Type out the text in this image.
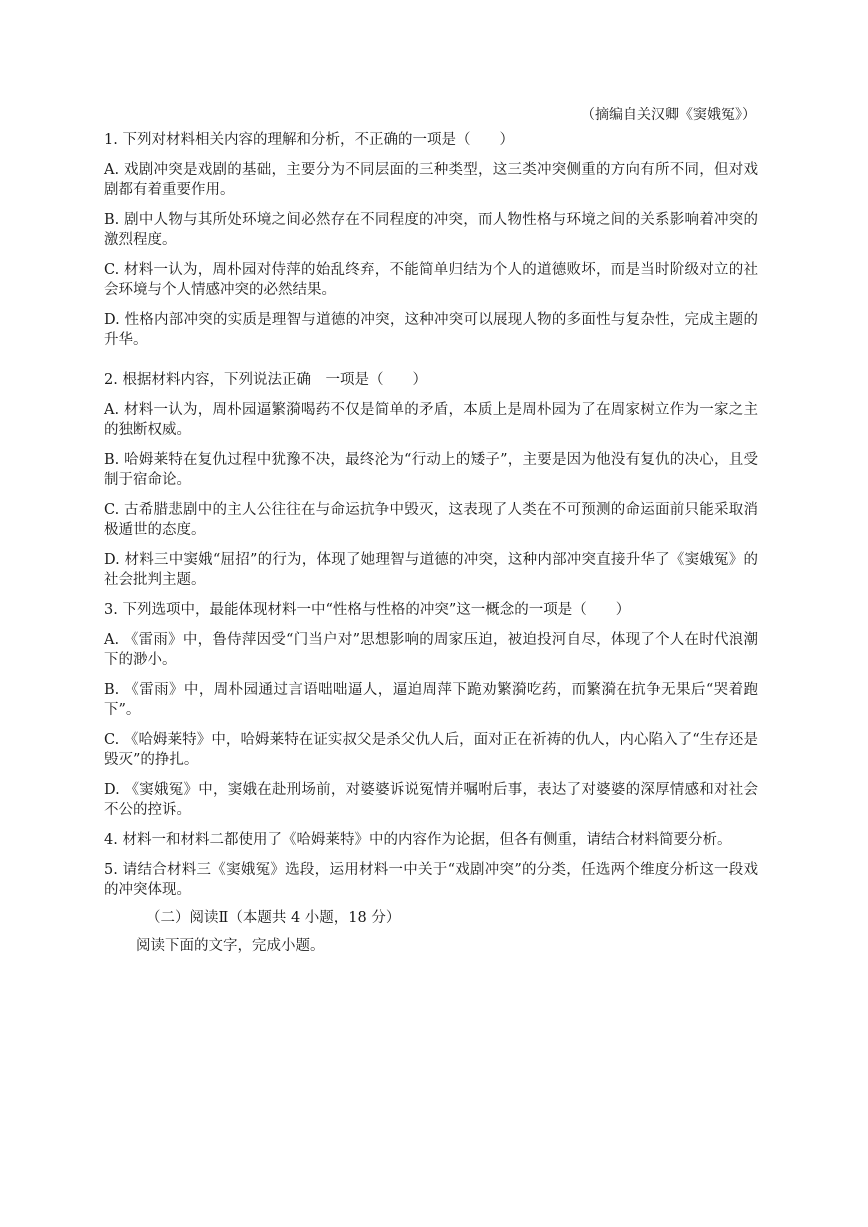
（摘编自关汉卿《窦娥冤》）

1. 下列对材料相关内容的理解和分析，不正确的一项是（　　）

A. 戏剧冲突是戏剧的基础，主要分为不同层面的三种类型，这三类冲突侧重的方向有所不同，但对戏剧都有着重要作用。

B. 剧中人物与其所处环境之间必然存在不同程度的冲突，而人物性格与环境之间的关系影响着冲突的激烈程度。

C. 材料一认为，周朴园对侍萍的始乱终弃，不能简单归结为个人的道德败坏，而是当时阶级对立的社会环境与个人情感冲突的必然结果。

D. 性格内部冲突的实质是理智与道德的冲突，这种冲突可以展现人物的多面性与复杂性，完成主题的升华。

2. 根据材料内容，下列说法正确　一项是（　　）

A. 材料一认为，周朴园逼繁漪喝药不仅是简单的矛盾，本质上是周朴园为了在周家树立作为一家之主的独断权威。

B. 哈姆莱特在复仇过程中犹豫不决，最终沦为“行动上的矮子”，主要是因为他没有复仇的决心，且受制于宿命论。

C. 古希腊悲剧中的主人公往往在与命运抗争中毁灭，这表现了人类在不可预测的命运面前只能采取消极遁世的态度。

D. 材料三中窦娥“屈招”的行为，体现了她理智与道德的冲突，这种内部冲突直接升华了《窦娥冤》的社会批判主题。

3. 下列选项中，最能体现材料一中“性格与性格的冲突”这一概念的一项是（　　）

A. 《雷雨》中，鲁侍萍因受“门当户对”思想影响的周家压迫，被迫投河自尽，体现了个人在时代浪潮下的渺小。

B. 《雷雨》中，周朴园通过言语咄咄逼人，逼迫周萍下跪劝繁漪吃药，而繁漪在抗争无果后“哭着跑下”。

C. 《哈姆莱特》中，哈姆莱特在证实叔父是杀父仇人后，面对正在祈祷的仇人，内心陷入了“生存还是毁灭”的挣扎。

D. 《窦娥冤》中，窦娥在赴刑场前，对婆婆诉说冤情并嘱咐后事，表达了对婆婆的深厚情感和对社会不公的控诉。

4. 材料一和材料二都使用了《哈姆莱特》中的内容作为论据，但各有侧重，请结合材料简要分析。

5. 请结合材料三《窦娥冤》选段，运用材料一中关于“戏剧冲突”的分类，任选两个维度分析这一段戏的冲突体现。

（二）阅读Ⅱ（本题共 4 小题，18 分）
阅读下面的文字，完成小题。
